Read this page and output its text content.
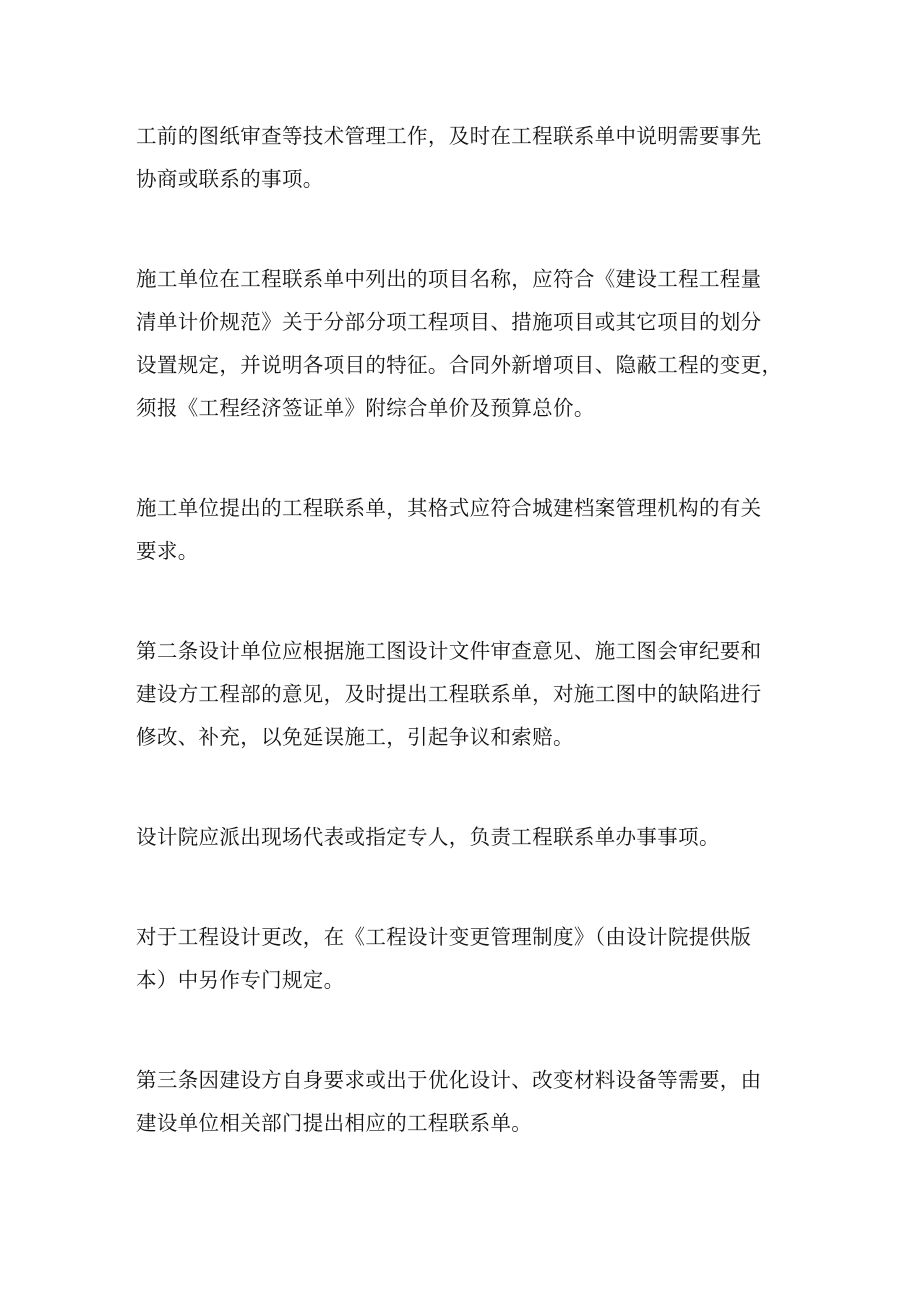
工前的图纸审查等技术管理工作，及时在工程联系单中说明需要事先
协商或联系的事项。

施工单位在工程联系单中列出的项目名称，应符合《建设工程工程量
清单计价规范》关于分部分项工程项目、措施项目或其它项目的划分
设置规定，并说明各项目的特征。合同外新增项目、隐蔽工程的变更，
须报《工程经济签证单》附综合单价及预算总价。

施工单位提出的工程联系单，其格式应符合城建档案管理机构的有关
要求。

第二条设计单位应根据施工图设计文件审查意见、施工图会审纪要和
建设方工程部的意见，及时提出工程联系单，对施工图中的缺陷进行
修改、补充，以免延误施工，引起争议和索赔。

设计院应派出现场代表或指定专人，负责工程联系单办事事项。

对于工程设计更改，在《工程设计变更管理制度》（由设计院提供版
本）中另作专门规定。

第三条因建设方自身要求或出于优化设计、改变材料设备等需要，由
建设单位相关部门提出相应的工程联系单。
